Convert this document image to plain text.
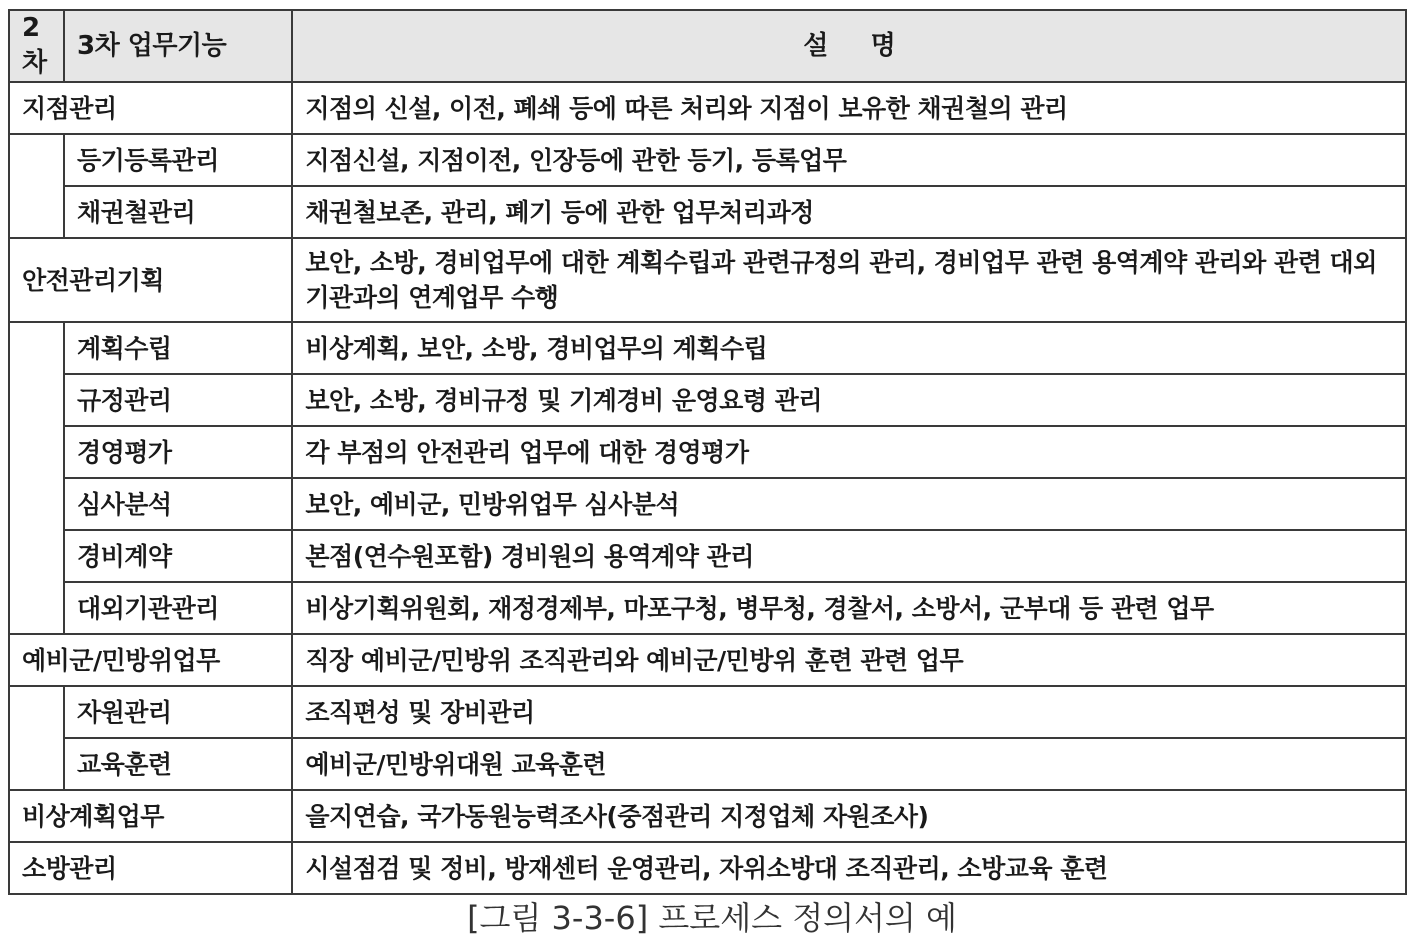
2차	3차 업무기능	설     명
지점관리		지점의 신설, 이전, 폐쇄 등에 따른 처리와 지점이 보유한 채권철의 관리
	등기등록관리	지점신설, 지점이전, 인장등에 관한 등기, 등록업무
	채권철관리	채권철보존, 관리, 폐기 등에 관한 업무처리과정
안전관리기획		보안, 소방, 경비업무에 대한 계획수립과 관련규정의 관리, 경비업무 관련 용역계약 관리와 관련 대외기관과의 연계업무 수행
	계획수립	비상계획, 보안, 소방, 경비업무의 계획수립
	규정관리	보안, 소방, 경비규정 및 기계경비 운영요령 관리
	경영평가	각 부점의 안전관리 업무에 대한 경영평가
	심사분석	보안, 예비군, 민방위업무 심사분석
	경비계약	본점(연수원포함) 경비원의 용역계약 관리
	대외기관관리	비상기획위원회, 재정경제부, 마포구청, 병무청, 경찰서, 소방서, 군부대 등 관련 업무
예비군/민방위업무		직장 예비군/민방위 조직관리와 예비군/민방위 훈련 관련 업무
	자원관리	조직편성 및 장비관리
	교육훈련	예비군/민방위대원 교육훈련
비상계획업무		을지연습, 국가동원능력조사(중점관리 지정업체 자원조사)
소방관리		시설점검 및 정비, 방재센터 운영관리, 자위소방대 조직관리, 소방교육 훈련
[그림 3-3-6] 프로세스 정의서의 예
